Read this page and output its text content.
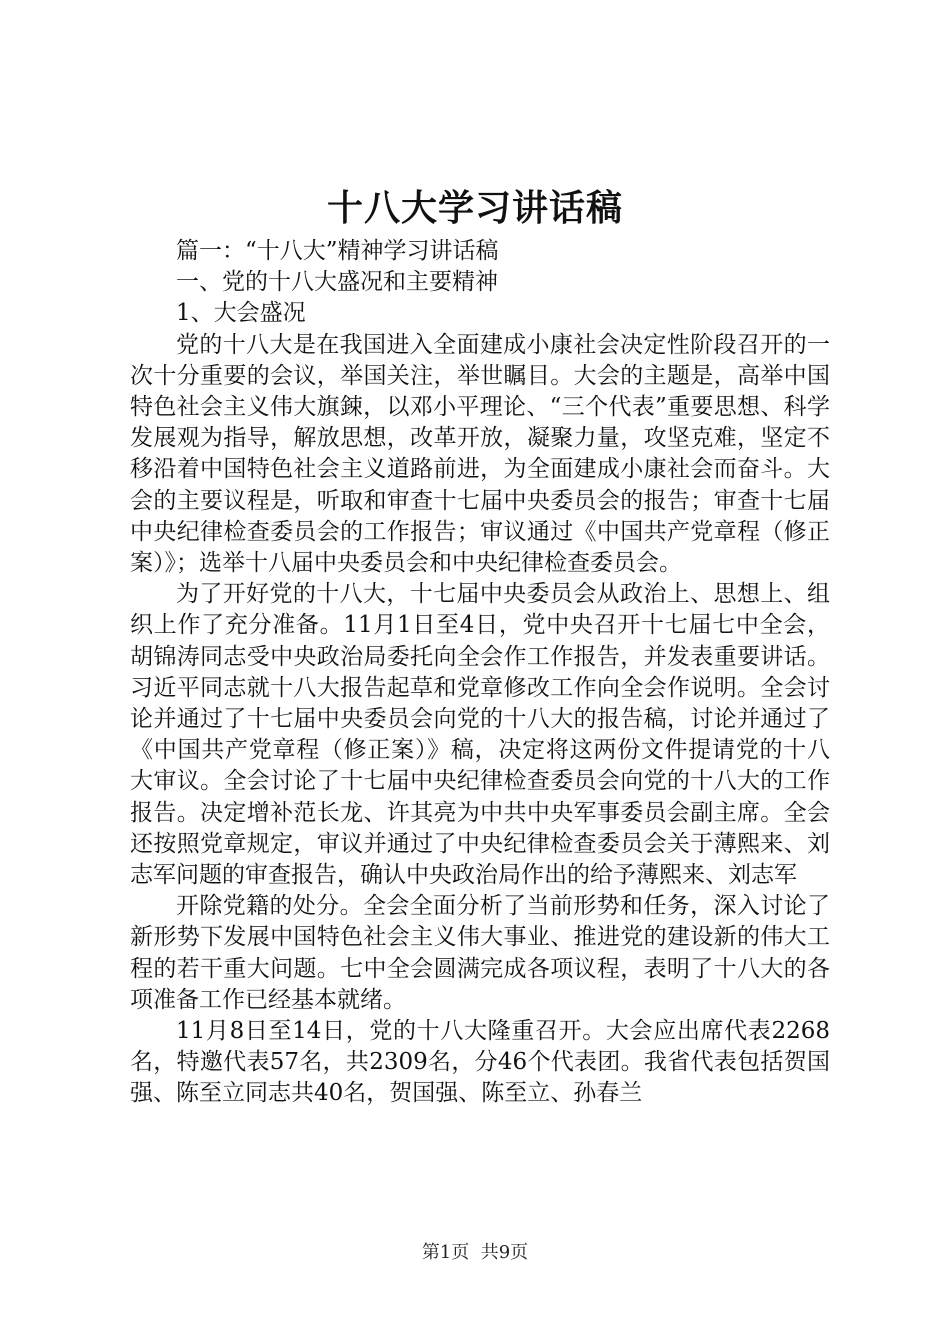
十八大学习讲话稿

篇一：“十八大”精神学习讲话稿

一、党的十八大盛况和主要精神

1、大会盛况

党的十八大是在我国进入全面建成小康社会决定性阶段召开的一次十分重要的会议，举国关注，举世瞩目。大会的主题是，高举中国特色社会主义伟大旗鋉，以邓小平理论、“三个代表”重要思想、科学发展观为指导，解放思想，改革开放，凝聚力量，攻坚克难，坚定不移沿着中国特色社会主义道路前进，为全面建成小康社会而奋斗。大会的主要议程是，听取和审查十七届中央委员会的报告；审查十七届中央纪律检查委员会的工作报告；审议通过《中国共产党章程（修正案）》；选举十八届中央委员会和中央纪律检查委员会。

为了开好党的十八大，十七届中央委员会从政治上、思想上、组织上作了充分准备。11月1日至4日，党中央召开十七届七中全会，胡锦涛同志受中央政治局委托向全会作工作报告，并发表重要讲话。习近平同志就十八大报告起草和党章修改工作向全会作说明。全会讨论并通过了十七届中央委员会向党的十八大的报告稿，讨论并通过了《中国共产党章程（修正案）》稿，决定将这两份文件提请党的十八大审议。全会讨论了十七届中央纪律检查委员会向党的十八大的工作报告。决定增补范长龙、许其亮为中共中央军事委员会副主席。全会还按照党章规定，审议并通过了中央纪律检查委员会关于薄熙来、刘志军问题的审查报告，确认中央政治局作出的给予薄熙来、刘志军

开除党籍的处分。全会全面分析了当前形势和任务，深入讨论了新形势下发展中国特色社会主义伟大事业、推进党的建设新的伟大工程的若干重大问题。七中全会圆满完成各项议程，表明了十八大的各项准备工作已经基本就绪。

11月8日至14日，党的十八大隆重召开。大会应出席代表2268名，特邀代表57名，共2309名，分46个代表团。我省代表包括贺国强、陈至立同志共40名，贺国强、陈至立、孙春兰

第1页 共9页
